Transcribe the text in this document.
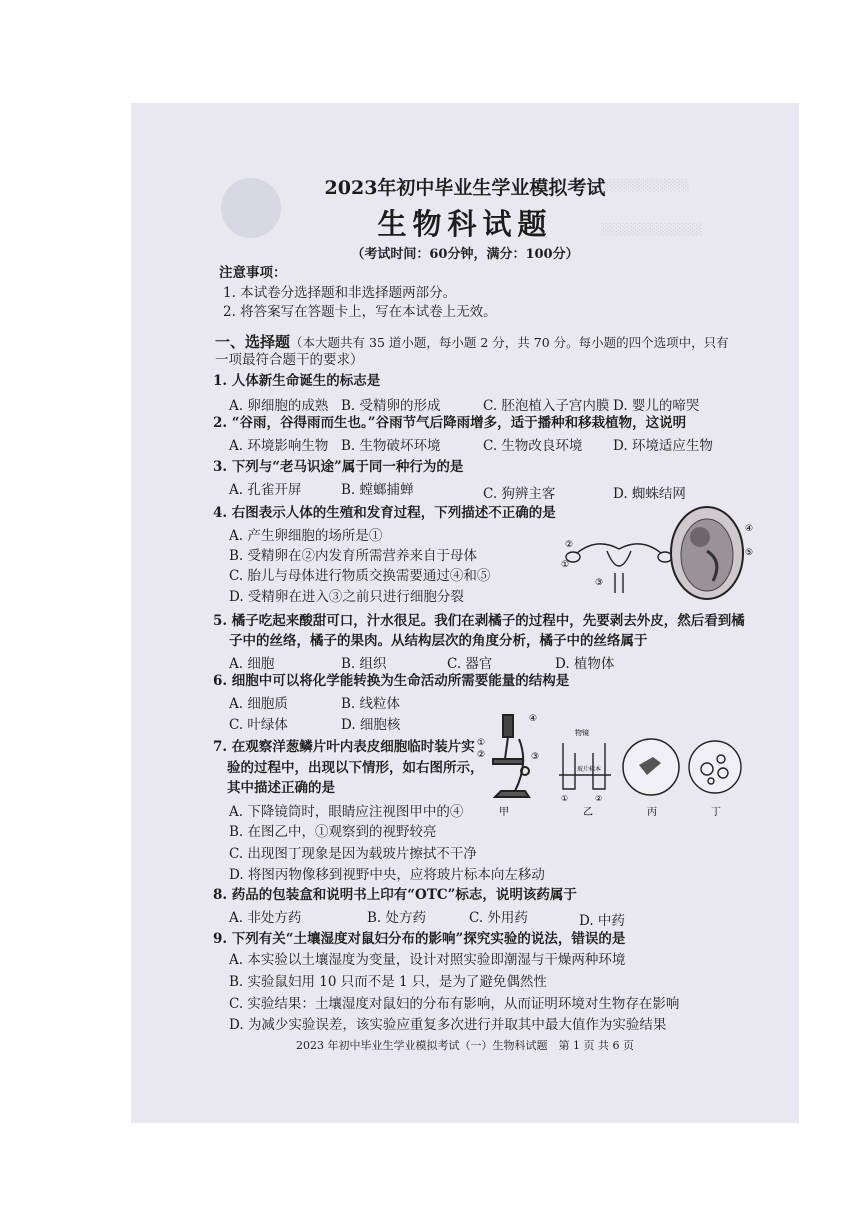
░░░░░░░░░░░░░░
░░░░░░░░░░░░
2023年初中毕业生学业模拟考试
生物科试题
（考试时间：60分钟，满分：100分）
注意事项：
1. 本试卷分选择题和非选择题两部分。
2. 将答案写在答题卡上，写在本试卷上无效。
一、选择题（本大题共有 35 道小题，每小题 2 分，共 70 分。每小题的四个选项中，只有
一项最符合题干的要求）
1. 人体新生命诞生的标志是
A. 卵细胞的成熟 B. 受精卵的形成	C. 胚泡植入子宫内膜 D. 婴儿的啼哭
2. “谷雨，谷得雨而生也。”谷雨节气后降雨增多，适于播种和移栽植物，这说明
A. 环境影响生物 B. 生物破坏环境	C. 生物改良环境 D. 环境适应生物
3. 下列与“老马识途”属于同一种行为的是
A. 孔雀开屏	B. 螳螂捕蝉	C. 狗辨主客	D. 蜘蛛结网
4. 右图表示人体的生殖和发育过程，下列描述不正确的是
A. 产生卵细胞的场所是①
B. 受精卵在②内发育所需营养来自于母体
C. 胎儿与母体进行物质交换需要通过④和⑤
D. 受精卵在进入③之前只进行细胞分裂
①
②
③
④
⑤
5. 橘子吃起来酸甜可口，汁水很足。我们在剥橘子的过程中，先要剥去外皮，然后看到橘
子中的丝络，橘子的果肉。从结构层次的角度分析，橘子中的丝络属于
A. 细胞	B. 组织	C. 器官	D. 植物体
6. 细胞中可以将化学能转换为生命活动所需要能量的结构是
A. 细胞质	B. 线粒体
C. 叶绿体	D. 细胞核
7. 在观察洋葱鳞片叶内表皮细胞临时装片实
验的过程中，出现以下情形，如右图所示，
其中描述正确的是
A. 下降镜筒时，眼睛应注视图甲中的④
B. 在图乙中，①观察到的视野较亮
C. 出现图丁现象是因为载玻片擦拭不干净
D. 将图丙物像移到视野中央，应将玻片标本向左移动
④
①
②	③
甲
物镜
玻片标本
①	②
乙	丙	丁
8. 药品的包装盒和说明书上印有“OTC”标志，说明该药属于
A. 非处方药	B. 处方药	C. 外用药	D. 中药
9. 下列有关“土壤湿度对鼠妇分布的影响”探究实验的说法，错误的是
A. 本实验以土壤湿度为变量，设计对照实验即潮湿与干燥两种环境
B. 实验鼠妇用 10 只而不是 1 只，是为了避免偶然性
C. 实验结果：土壤湿度对鼠妇的分布有影响，从而证明环境对生物存在影响
D. 为减少实验误差，该实验应重复多次进行并取其中最大值作为实验结果
2023 年初中毕业生学业模拟考试（一）生物科试题　第 1 页 共 6 页
